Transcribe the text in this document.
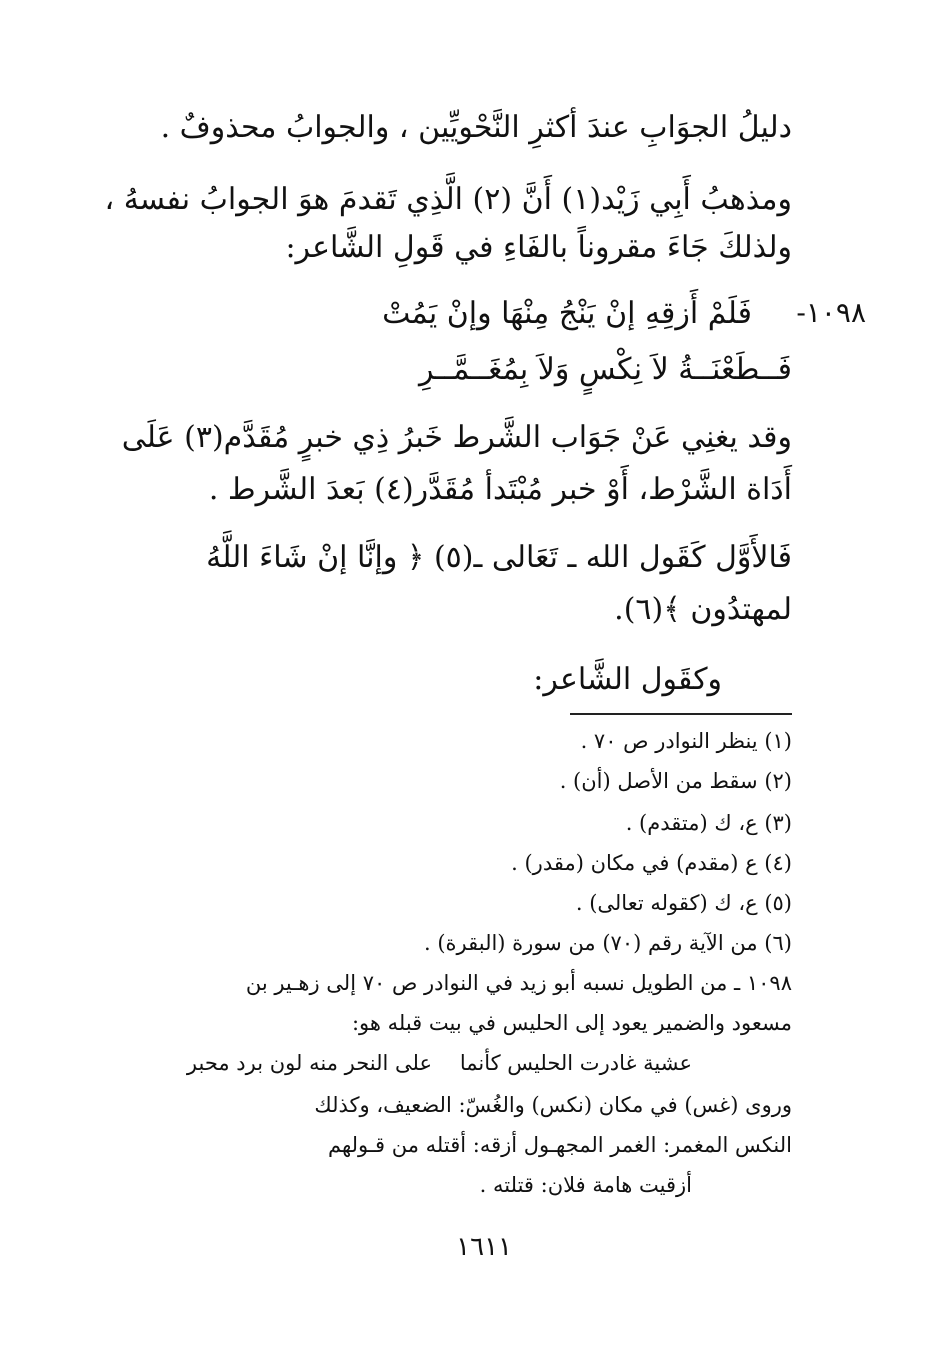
دليلُ الجوَابِ عندَ أكثرِ النَّحْويِّين ، والجوابُ محذوفٌ .
ومذهبُ أَبِي زَيْد(١) أَنَّ (٢) الَّذِي تَقدمَ هوَ الجوابُ نفسهُ ،
ولذلكَ جَاءَ مقروناً بالفَاءِ في قَولِ الشَّاعر:
١٠٩٨-
فَلَمْ أَزقِهِ إنْ يَنْجُ مِنْهَا وإنْ يَمُتْ
فَــطَعْنَــةُ لاَ نِكْسٍ وَلاَ بِمُغَــمَّــرِ
وقد يغنِي عَنْ جَوَاب الشَّرط خَبرُ ذِي خبرٍ مُقَدَّم(٣) عَلَى
أَدَاة الشَّرْط، أَوْ خبر مُبْتَدأ مُقَدَّر(٤) بَعدَ الشَّرط .
فَالأَوَّل كَقَول الله ـ تَعَالى ـ(٥) ﴿ وإنَّا إنْ شَاءَ اللَّهُ
لمهتدُون ﴾(٦).
وكقَول الشَّاعر:
(١) ينظر النوادر ص ٧٠ .
(٢) سقط من الأصل (أن) .
(٣) ع، ك (متقدم) .
(٤) ع (مقدم) في مكان (مقدر) .
(٥) ع، ك (كقوله تعالى) .
(٦) من الآية رقم (٧٠) من سورة (البقرة) .
١٠٩٨ ـ من الطويل نسبه أبو زيد في النوادر ص ٧٠ إلى زهـير بن
مسعود والضمير يعود إلى الحليس في بيت قبله هو:
عشية غادرت الحليس كأنما
على النحر منه لون برد محبر
وروى (غس) في مكان (نكس) والغُسّ: الضعيف، وكذلك
النكس المغمر: الغمر المجهـول أزقه: أقتله من قـولهم
أزقيت هامة فلان: قتلته .
١٦١١
